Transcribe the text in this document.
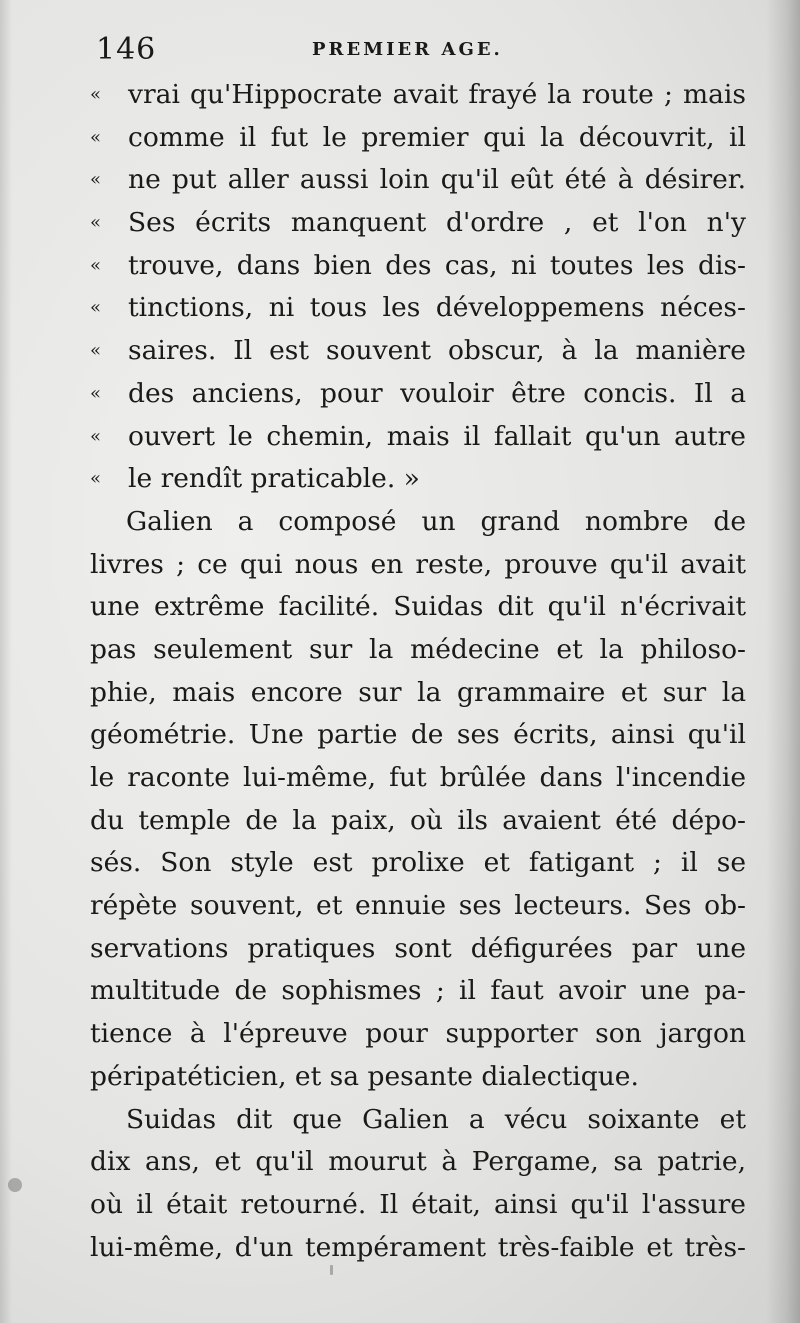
146	PREMIER AGE.
« vrai qu'Hippocrate avait frayé la route ; mais
« comme il fut le premier qui la découvrit, il
« ne put aller aussi loin qu'il eût été à désirer.
« Ses écrits manquent d'ordre , et l'on n'y
« trouve, dans bien des cas, ni toutes les dis-
« tinctions, ni tous les développemens néces-
« saires. Il est souvent obscur, à la manière
« des anciens, pour vouloir être concis. Il a
« ouvert le chemin, mais il fallait qu'un autre
« le rendît praticable. »
Galien a composé un grand nombre de
livres ; ce qui nous en reste, prouve qu'il avait
une extrême facilité. Suidas dit qu'il n'écrivait
pas seulement sur la médecine et la philoso-
phie, mais encore sur la grammaire et sur la
géométrie. Une partie de ses écrits, ainsi qu'il
le raconte lui-même, fut brûlée dans l'incendie
du temple de la paix, où ils avaient été dépo-
sés. Son style est prolixe et fatigant ; il se
répète souvent, et ennuie ses lecteurs. Ses ob-
servations pratiques sont défigurées par une
multitude de sophismes ; il faut avoir une pa-
tience à l'épreuve pour supporter son jargon
péripatéticien, et sa pesante dialectique.
Suidas dit que Galien a vécu soixante et
dix ans, et qu'il mourut à Pergame, sa patrie,
où il était retourné. Il était, ainsi qu'il l'assure
lui-même, d'un tempérament très-faible et très-
